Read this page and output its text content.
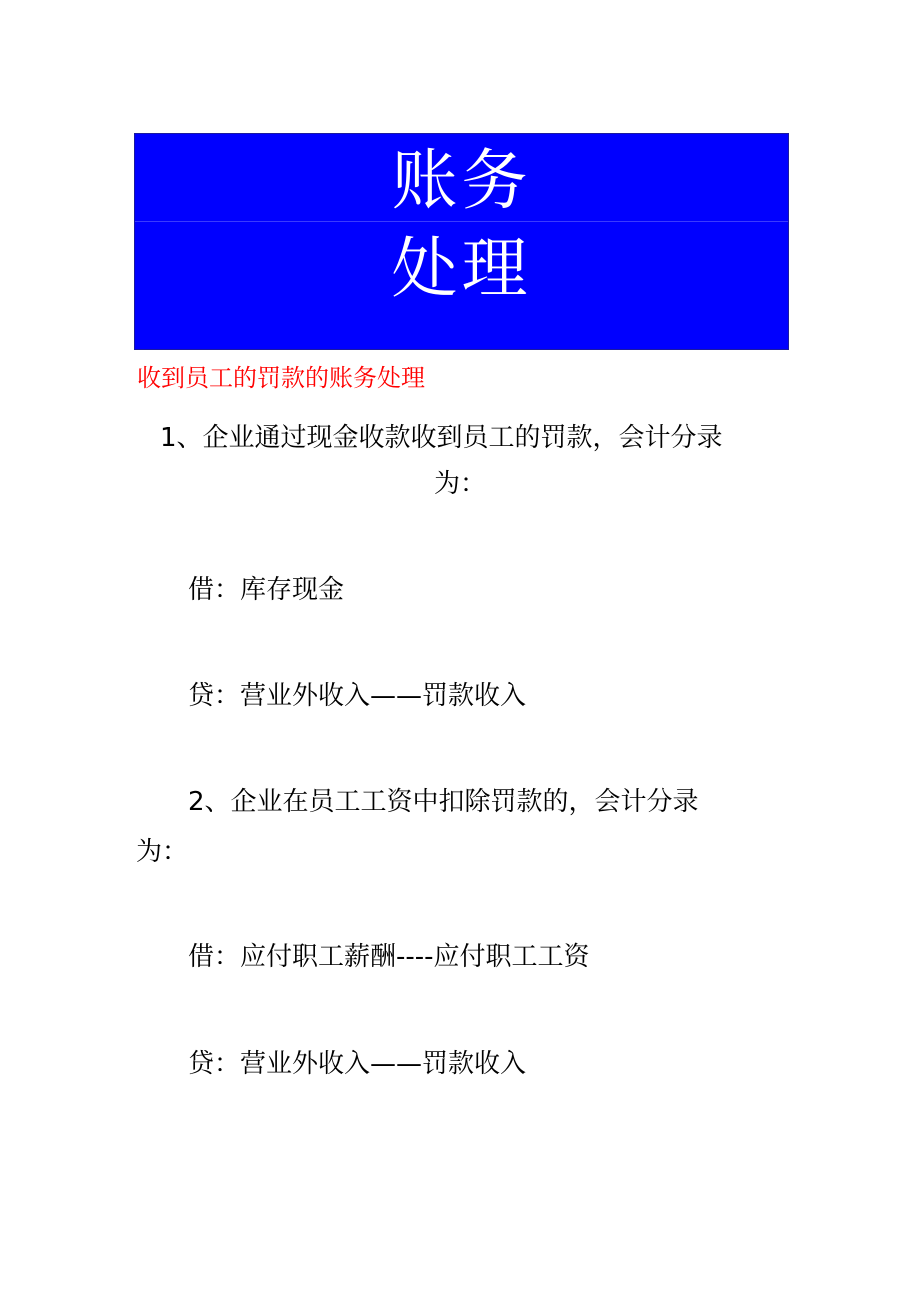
账务
处理
收到员工的罚款的账务处理
1、企业通过现金收款收到员工的罚款，会计分录
为：
借：库存现金
贷：营业外收入——罚款收入
2、企业在员工工资中扣除罚款的，会计分录
为：
借：应付职工薪酬----应付职工工资
贷：营业外收入——罚款收入
